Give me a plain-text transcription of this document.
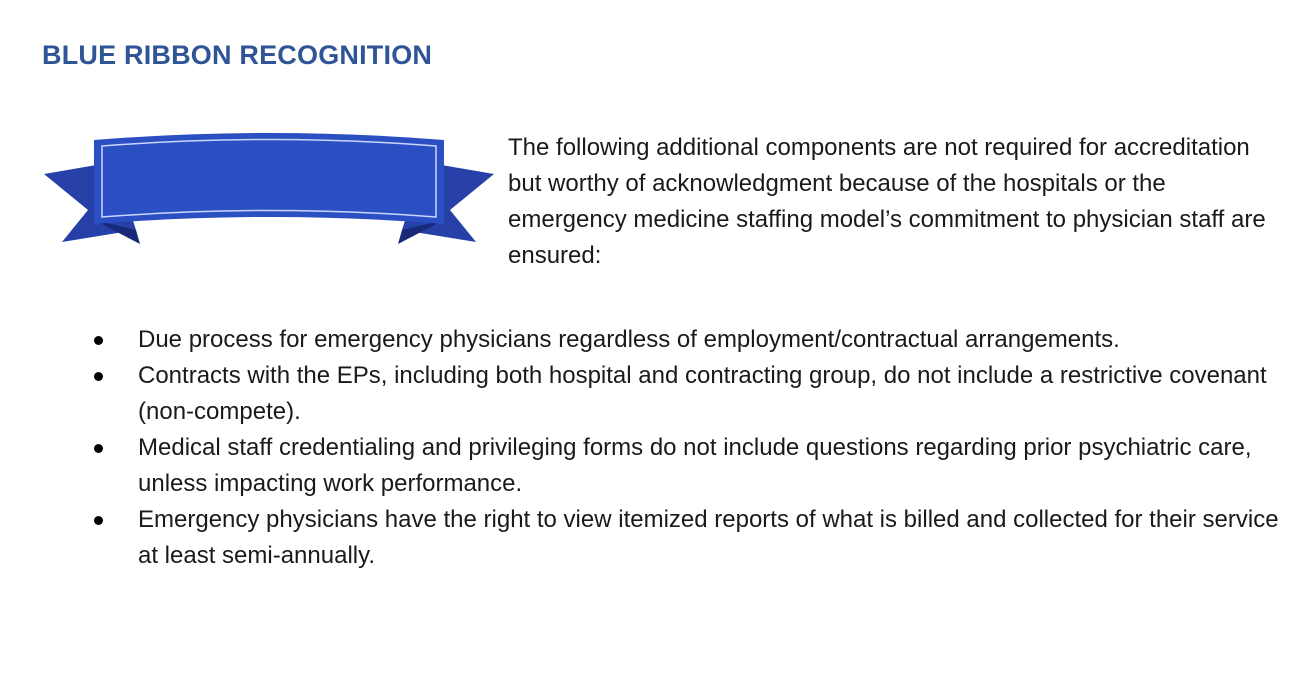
BLUE RIBBON RECOGNITION

The following additional components are not required for accreditation but worthy of acknowledgment because of the hospitals or the emergency medicine staffing model’s commitment to physician staff are ensured:

Due process for emergency physicians regardless of employment/contractual arrangements.
Contracts with the EPs, including both hospital and contracting group, do not include a restrictive covenant (non-compete).
Medical staff credentialing and privileging forms do not include questions regarding prior psychiatric care, unless impacting work performance.
Emergency physicians have the right to view itemized reports of what is billed and collected for their service at least semi-annually.
